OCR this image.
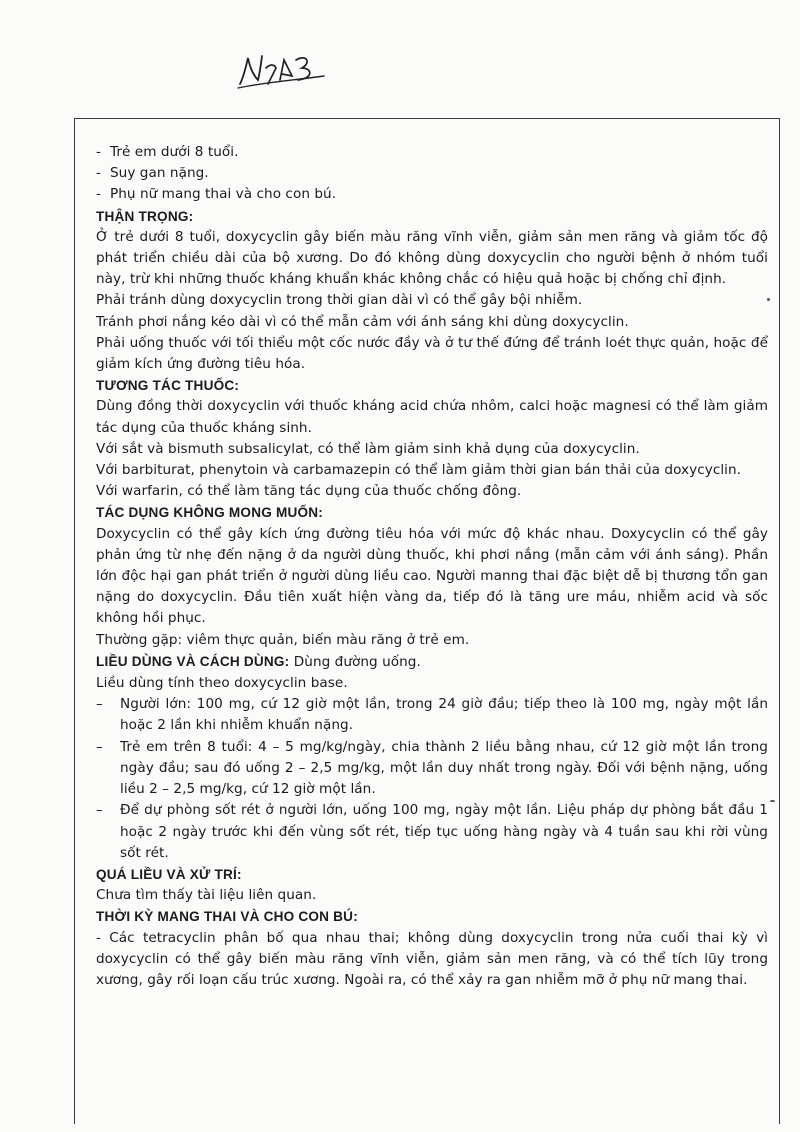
- Trẻ em dưới 8 tuổi.
- Suy gan nặng.
- Phụ nữ mang thai và cho con bú.

THẬN TRỌNG:

Ở trẻ dưới 8 tuổi, doxycyclin gây biến màu răng vĩnh viễn, giảm sản men răng và giảm tốc độ phát triển chiều dài của bộ xương. Do đó không dùng doxycyclin cho người bệnh ở nhóm tuổi này, trừ khi những thuốc kháng khuẩn khác không chắc có hiệu quả hoặc bị chống chỉ định.

Phải tránh dùng doxycyclin trong thời gian dài vì có thể gây bội nhiễm.

Tránh phơi nắng kéo dài vì có thể mẫn cảm với ánh sáng khi dùng doxycyclin.

Phải uống thuốc với tối thiểu một cốc nước đầy và ở tư thế đứng để tránh loét thực quản, hoặc để giảm kích ứng đường tiêu hóa.

TƯƠNG TÁC THUỐC:

Dùng đồng thời doxycyclin với thuốc kháng acid chứa nhôm, calci hoặc magnesi có thể làm giảm tác dụng của thuốc kháng sinh.

Với sắt và bismuth subsalicylat, có thể làm giảm sinh khả dụng của doxycyclin.

Với barbiturat, phenytoin và carbamazepin có thể làm giảm thời gian bán thải của doxycyclin.

Với warfarin, có thể làm tăng tác dụng của thuốc chống đông.

TÁC DỤNG KHÔNG MONG MUỐN:

Doxycyclin có thể gây kích ứng đường tiêu hóa với mức độ khác nhau. Doxycyclin có thể gây phản ứng từ nhẹ đến nặng ở da người dùng thuốc, khi phơi nắng (mẫn cảm với ánh sáng). Phần lớn độc hại gan phát triển ở người dùng liều cao. Người manng thai đặc biệt dễ bị thương tổn gan nặng do doxycyclin. Đầu tiên xuất hiện vàng da, tiếp đó là tăng ure máu, nhiễm acid và sốc không hồi phục.

Thường gặp: viêm thực quản, biến màu răng ở trẻ em.

LIỀU DÙNG VÀ CÁCH DÙNG: Dùng đường uống.

Liều dùng tính theo doxycyclin base.

–	Người lớn: 100 mg, cứ 12 giờ một lần, trong 24 giờ đầu; tiếp theo là 100 mg, ngày một lần hoặc 2 lần khi nhiễm khuẩn nặng.
–	Trẻ em trên 8 tuổi: 4 – 5 mg/kg/ngày, chia thành 2 liều bằng nhau, cứ 12 giờ một lần trong ngày đầu; sau đó uống 2 – 2,5 mg/kg, một lần duy nhất trong ngày. Đối với bệnh nặng, uống liều 2 – 2,5 mg/kg, cứ 12 giờ một lần.
–	Để dự phòng sốt rét ở người lớn, uống 100 mg, ngày một lần. Liệu pháp dự phòng bắt đầu 1 hoặc 2 ngày trước khi đến vùng sốt rét, tiếp tục uống hàng ngày và 4 tuần sau khi rời vùng sốt rét.

QUÁ LIỀU VÀ XỬ TRÍ:

Chưa tìm thấy tài liệu liên quan.

THỜI KỲ MANG THAI VÀ CHO CON BÚ:

- Các tetracyclin phân bố qua nhau thai; không dùng doxycyclin trong nửa cuối thai kỳ vì doxycyclin có thể gây biến màu răng vĩnh viễn, giảm sản men răng, và có thể tích lũy trong xương, gây rối loạn cấu trúc xương. Ngoài ra, có thể xảy ra gan nhiễm mỡ ở phụ nữ mang thai.
